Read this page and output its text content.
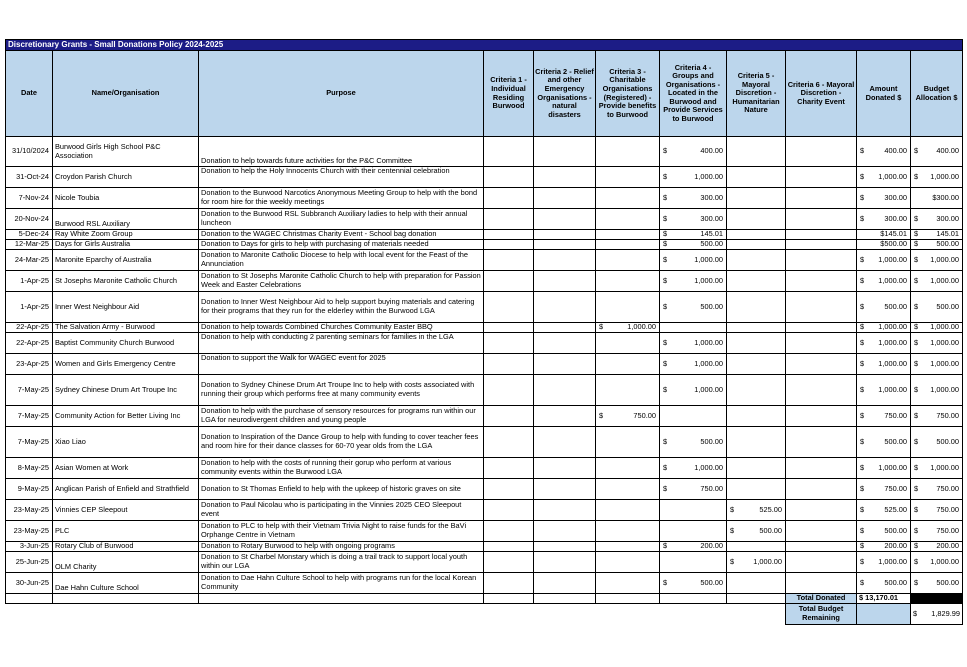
Discretionary Grants - Small Donations Policy 2024-2025										
Date	Name/Organisation	Purpose	Criteria 1 - Individual Residing Burwood	Criteria 2 - Relief and other Emergency Organisations - natural disasters	Criteria 3 - Charitable Organisations (Registered) - Provide benefits to Burwood	Criteria 4 - Groups and Organisations - Located in the Burwood and Provide Services to Burwood	Criteria 5 - Mayoral Discretion - Humanitarian Nature	Criteria 6 - Mayoral Discretion - Charity Event	Amount Donated $	Budget Allocation $
31/10/2024	Burwood Girls High School P&C Association	Donation to help towards future activities for the P&C Committee				$ 400.00			$ 400.00	$ 400.00

31-Oct-24	Croydon Parish Church	Donation to help the Holy Innocents Church with their centennial celebration				$ 1,000.00			$ 1,000.00	$ 1,000.00

7-Nov-24	Nicole Toubia	Donation to the Burwood Narcotics Anonymous Meeting Group to help with the bond for room hire for thie weekly meetings				$ 300.00			$ 300.00	$300.00

20-Nov-24	Burwood RSL Auxiliary	Donation to the Burwood RSL Subbranch Auxiliary ladies to help with their annual luncheon				$ 300.00			$ 300.00	$ 300.00

5-Dec-24	Ray White Zoom Group	Donation to the WAGEC Christmas Charity Event - School bag donation				$ 145.01			$145.01	$ 145.01

12-Mar-25	Days for Girls Australia	Donation to Days for girls to help with purchasing of materials needed				$ 500.00			$500.00	$ 500.00

24-Mar-25	Maronite Eparchy of Australia	Donation to Maronite Catholic Diocese to help with local event for the Feast of the Annunciation				$ 1,000.00			$ 1,000.00	$ 1,000.00

1-Apr-25	St Josephs Maronite Catholic Church	Donation to St Josephs Maronite Catholic Church to help with preparation for Passion Week and Easter Celebrations				$ 1,000.00			$ 1,000.00	$ 1,000.00

1-Apr-25	Inner West Neighbour Aid	Donation to Inner West Neighbour Aid to help support buying materials and catering for their programs that they run for the elderley within the Burwood LGA				$ 500.00			$ 500.00	$ 500.00

22-Apr-25	The Salvation Army - Burwood	Donation to help towards Combined Churches Community Easter BBQ			$ 1,000.00				$ 1,000.00	$ 1,000.00

22-Apr-25	Baptist Community Church Burwood	Donation to help with conducting 2 parenting seminars for families in the LGA				$ 1,000.00			$ 1,000.00	$ 1,000.00

23-Apr-25	Women and Girls Emergency Centre	Donation to support the Walk for WAGEC event for 2025				$ 1,000.00			$ 1,000.00	$ 1,000.00

7-May-25	Sydney Chinese Drum Art Troupe Inc	Donation to Sydney Chinese Drum Art Troupe Inc to help with costs associated with running their group which performs free at many community events				$ 1,000.00			$ 1,000.00	$ 1,000.00

7-May-25	Community Action for Better Living Inc	Donation to help with the purchase of sensory resources for programs run within our LGA for neurodivergent children and young people			$ 750.00				$ 750.00	$ 750.00

7-May-25	Xiao Liao	Donation to Inspiration of the Dance Group to help with funding to cover teacher fees and room hire for their dance classes for 60-70 year olds from the LGA				$ 500.00			$ 500.00	$ 500.00

8-May-25	Asian Women at Work	Donation to help with the costs of running their gorup who perform at various community events within the Burwood LGA				$ 1,000.00			$ 1,000.00	$ 1,000.00

9-May-25	Anglican Parish of Enfield and Strathfield	Donation to St Thomas Enfield to help with the upkeep of historic graves on site				$ 750.00			$ 750.00	$ 750.00

23-May-25	Vinnies CEP Sleepout	Donation to Paul Nicolau who is participating in the Vinnies 2025 CEO Sleepout event					$ 525.00		$ 525.00	$ 750.00

23-May-25	PLC	Donation to PLC to help with their Vietnam Trivia Night to raise funds for the BaVi Orphange Centre in Vietnam					$ 500.00		$ 500.00	$ 750.00

3-Jun-25	Rotary Club of Burwood	Donation to Rotary Burwood to help with ongoing programs				$ 200.00			$ 200.00	$ 200.00

25-Jun-25	OLM Charity	Donation to St Charbel Monstary which is doing a trail track to support local youth within our LGA					$ 1,000.00		$ 1,000.00	$ 1,000.00

30-Jun-25	Dae Hahn Culture School	Donation to Dae Hahn Culture School to help with programs run for the local Korean Community				$ 500.00			$ 500.00	$ 500.00

								Total Donated	$ 13,170.01	
								Total Budget Remaining		$ 1,829.99
